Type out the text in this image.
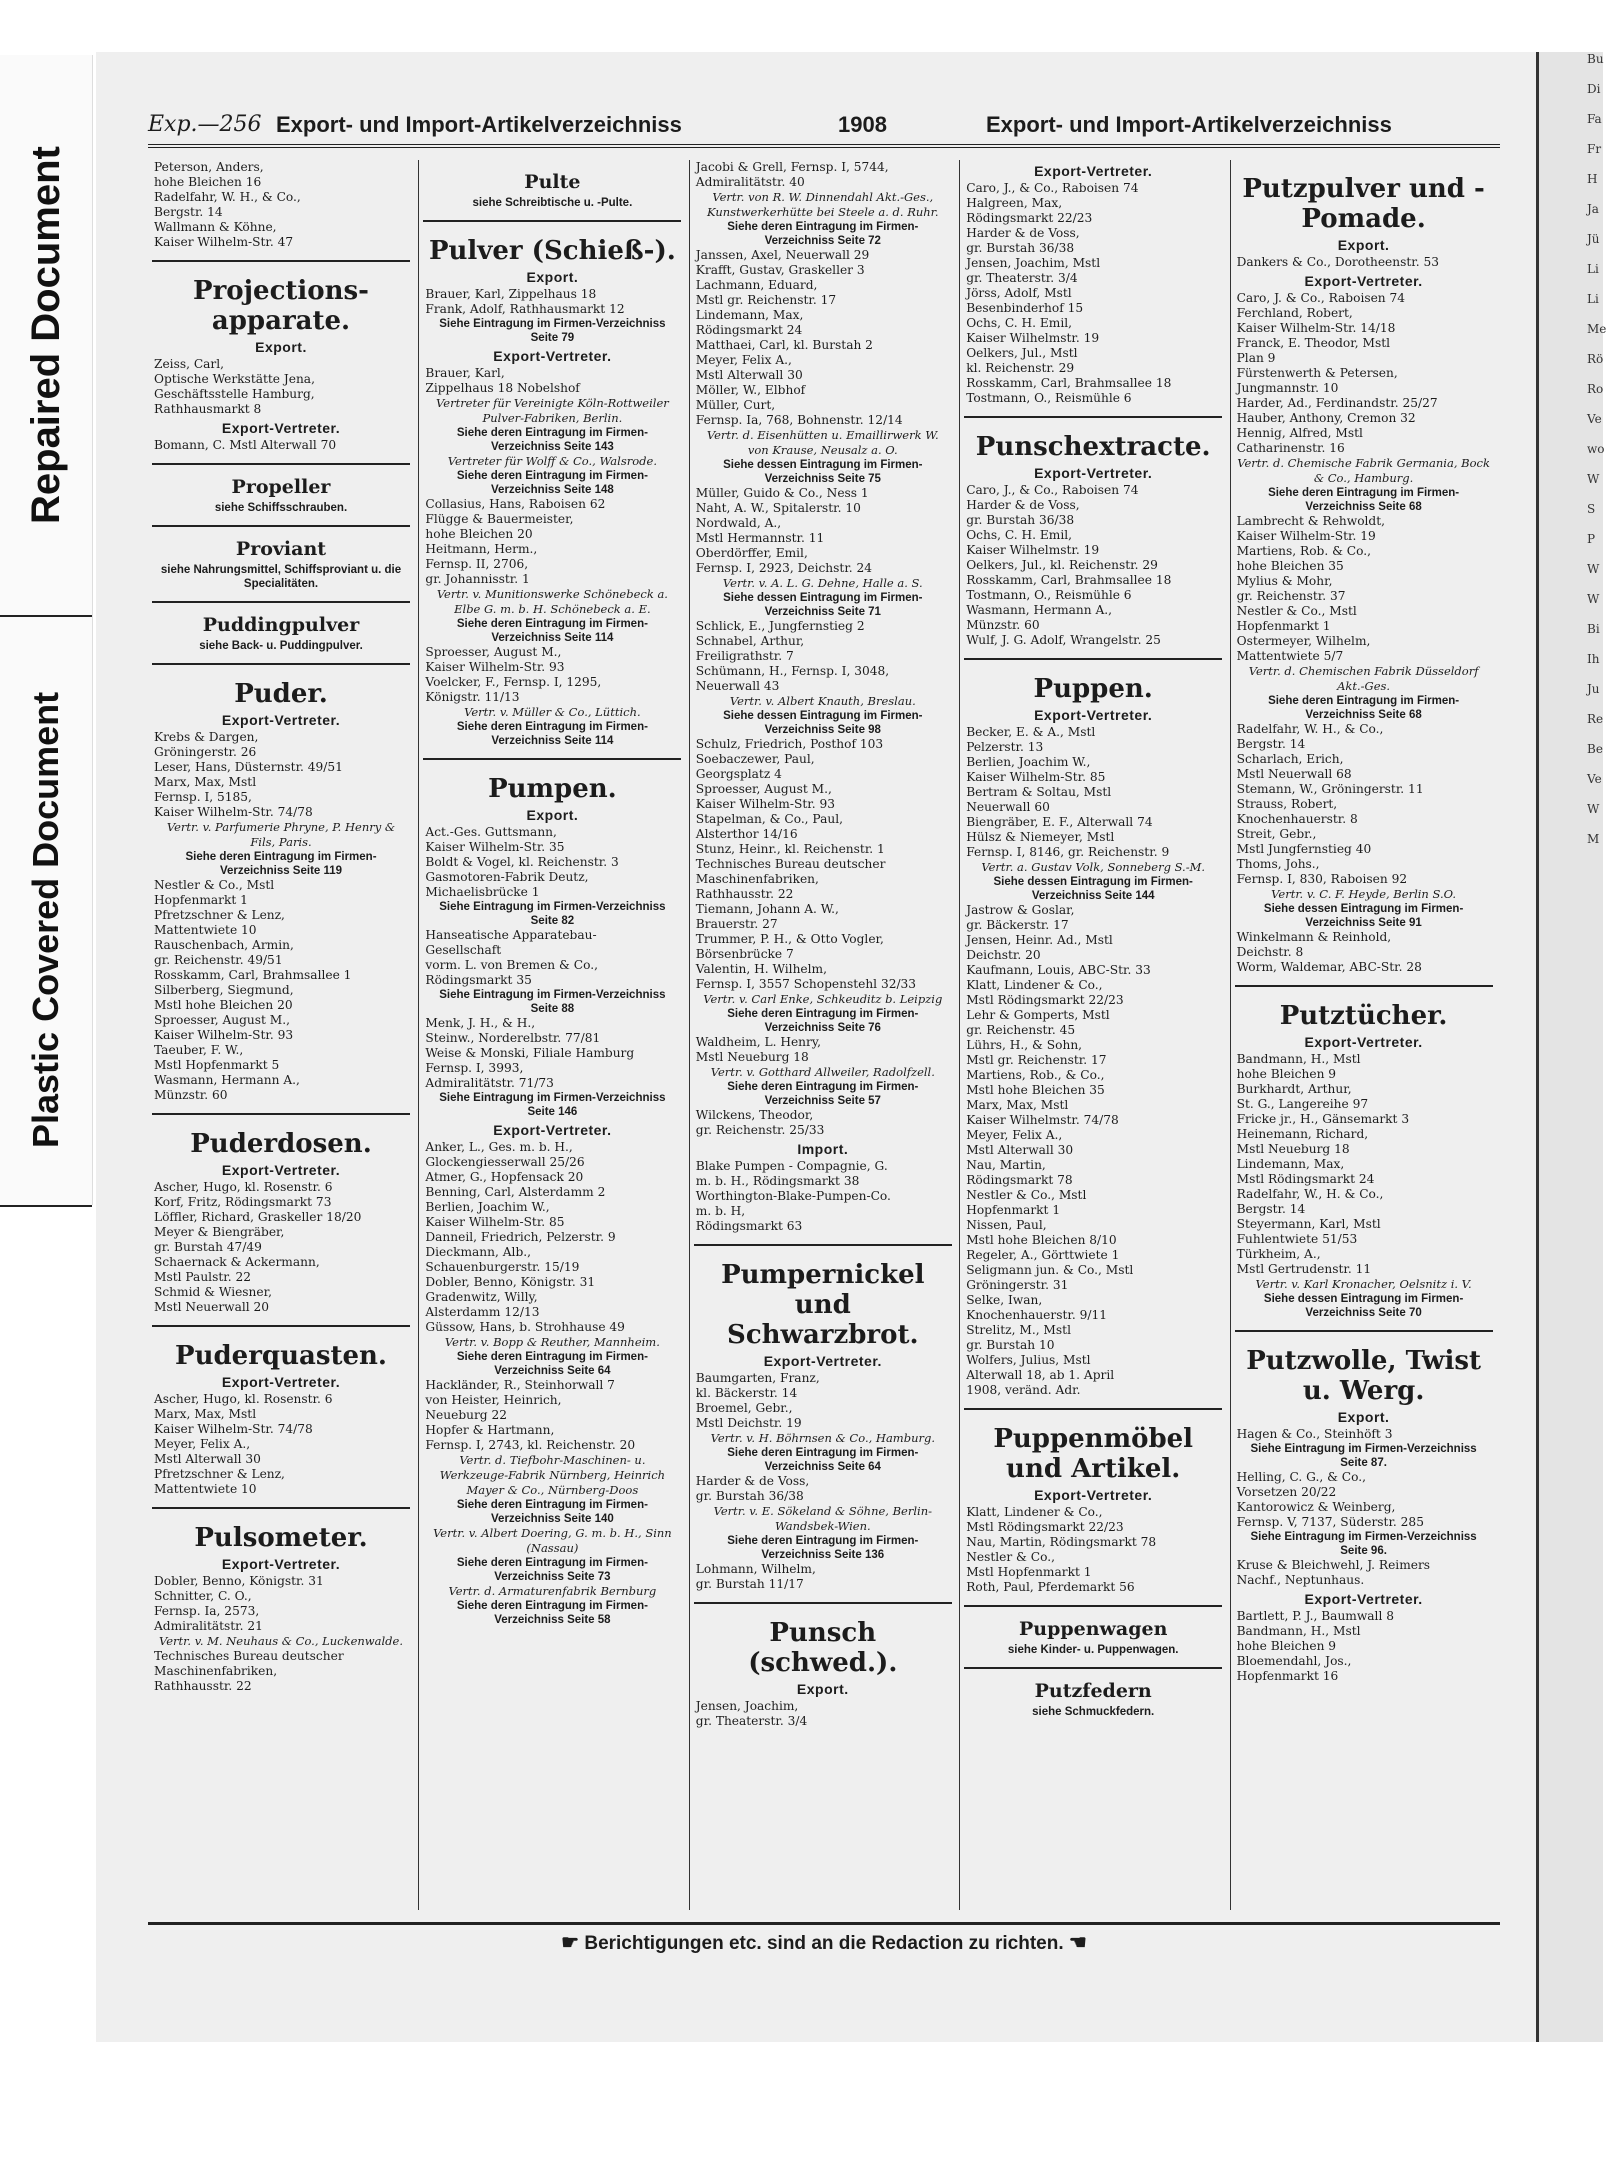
Repaired Document
Plastic Covered Document
Bu
Di
Fa
Fr
H
Ja
Jü
Li
Li
Me
Rö
Ro
Ve
wo
W
S
P
W
W
Bi
Ih
Ju
Re
Be
Ve
W
M
Exp.—256 Export- und Import-Artikelverzeichniss	1908	Export- und Import-Artikelverzeichniss
Peterson, Anders,
hohe Bleichen 16
Radelfahr, W. H., & Co.,
Bergstr. 14
Wallmann & Köhne,
Kaiser Wilhelm-Str. 47
Projections-apparate.
Export.
Zeiss, Carl,
Optische Werkstätte Jena,
Geschäftsstelle Hamburg,
Rathhausmarkt 8
Export-Vertreter.
Bomann, C. Mstl Alterwall 70
Propeller
siehe Schiffsschrauben.
Proviant
siehe Nahrungsmittel, Schiffsproviant u. die Specialitäten.
Puddingpulver
siehe Back- u. Puddingpulver.
Puder.
Export-Vertreter.
Krebs & Dargen,
Gröningerstr. 26
Leser, Hans, Düsternstr. 49/51
Marx, Max, Mstl
Fernsp. I, 5185,
Kaiser Wilhelm-Str. 74/78
Vertr. v. Parfumerie Phryne, P. Henry & Fils, Paris.
Siehe deren Eintragung im Firmen-Verzeichniss Seite 119
Nestler & Co., Mstl
Hopfenmarkt 1
Pfretzschner & Lenz,
Mattentwiete 10
Rauschenbach, Armin,
gr. Reichenstr. 49/51
Rosskamm, Carl, Brahmsallee 1
Silberberg, Siegmund,
Mstl hohe Bleichen 20
Sproesser, August M.,
Kaiser Wilhelm-Str. 93
Taeuber, F. W.,
Mstl Hopfenmarkt 5
Wasmann, Hermann A.,
Münzstr. 60
Puderdosen.
Export-Vertreter.
Ascher, Hugo, kl. Rosenstr. 6
Korf, Fritz, Rödingsmarkt 73
Löffler, Richard, Graskeller 18/20
Meyer & Biengräber,
gr. Burstah 47/49
Schaernack & Ackermann,
Mstl Paulstr. 22
Schmid & Wiesner,
Mstl Neuerwall 20
Puderquasten.
Export-Vertreter.
Ascher, Hugo, kl. Rosenstr. 6
Marx, Max, Mstl
Kaiser Wilhelm-Str. 74/78
Meyer, Felix A.,
Mstl Alterwall 30
Pfretzschner & Lenz,
Mattentwiete 10
Pulsometer.
Export-Vertreter.
Dobler, Benno, Königstr. 31
Schnitter, C. O.,
Fernsp. Ia, 2573,
Admiralitätstr. 21
Vertr. v. M. Neuhaus & Co., Luckenwalde.
Technisches Bureau deutscher
Maschinenfabriken,
Rathhausstr. 22
Pulte
siehe Schreibtische u. -Pulte.
Pulver (Schieß-).
Export.
Brauer, Karl, Zippelhaus 18
Frank, Adolf, Rathhausmarkt 12
Siehe Eintragung im Firmen-Verzeichniss Seite 79
Export-Vertreter.
Brauer, Karl,
Zippelhaus 18 Nobelshof
Vertreter für Vereinigte Köln-Rottweiler Pulver-Fabriken, Berlin.
Siehe deren Eintragung im Firmen-Verzeichniss Seite 143
Vertreter für Wolff & Co., Walsrode.
Siehe deren Eintragung im Firmen-Verzeichniss Seite 148
Collasius, Hans, Raboisen 62
Flügge & Bauermeister,
hohe Bleichen 20
Heitmann, Herm.,
Fernsp. II, 2706,
gr. Johannisstr. 1
Vertr. v. Munitionswerke Schönebeck a. Elbe G. m. b. H. Schönebeck a. E.
Siehe deren Eintragung im Firmen-Verzeichniss Seite 114
Sproesser, August M.,
Kaiser Wilhelm-Str. 93
Voelcker, F., Fernsp. I, 1295,
Königstr. 11/13
Vertr. v. Müller & Co., Lüttich.
Siehe deren Eintragung im Firmen-Verzeichniss Seite 114
Pumpen.
Export.
Act.-Ges. Guttsmann,
Kaiser Wilhelm-Str. 35
Boldt & Vogel, kl. Reichenstr. 3
Gasmotoren-Fabrik Deutz,
Michaelisbrücke 1
Siehe Eintragung im Firmen-Verzeichniss Seite 82
Hanseatische Apparatebau-
Gesellschaft
vorm. L. von Bremen & Co.,
Rödingsmarkt 35
Siehe Eintragung im Firmen-Verzeichniss Seite 88
Menk, J. H., & H.,
Steinw., Norderelbstr. 77/81
Weise & Monski, Filiale Hamburg
Fernsp. I, 3993,
Admiralitätstr. 71/73
Siehe Eintragung im Firmen-Verzeichniss Seite 146
Export-Vertreter.
Anker, L., Ges. m. b. H.,
Glockengiesserwall 25/26
Atmer, G., Hopfensack 20
Benning, Carl, Alsterdamm 2
Berlien, Joachim W.,
Kaiser Wilhelm-Str. 85
Danneil, Friedrich, Pelzerstr. 9
Dieckmann, Alb.,
Schauenburgerstr. 15/19
Dobler, Benno, Königstr. 31
Gradenwitz, Willy,
Alsterdamm 12/13
Güssow, Hans, b. Strohhause 49
Vertr. v. Bopp & Reuther, Mannheim.
Siehe deren Eintragung im Firmen-Verzeichniss Seite 64
Hackländer, R., Steinhorwall 7
von Heister, Heinrich,
Neueburg 22
Hopfer & Hartmann,
Fernsp. I, 2743, kl. Reichenstr. 20
Vertr. d. Tiefbohr-Maschinen- u. Werkzeuge-Fabrik Nürnberg, Heinrich Mayer & Co., Nürnberg-Doos
Siehe deren Eintragung im Firmen-Verzeichniss Seite 140
Vertr. v. Albert Doering, G. m. b. H., Sinn (Nassau)
Siehe deren Eintragung im Firmen-Verzeichniss Seite 73
Vertr. d. Armaturenfabrik Bernburg
Siehe deren Eintragung im Firmen-Verzeichniss Seite 58
Jacobi & Grell, Fernsp. I, 5744,
Admiralitätstr. 40
Vertr. von R. W. Dinnendahl Akt.-Ges., Kunstwerkerhütte bei Steele a. d. Ruhr.
Siehe deren Eintragung im Firmen-Verzeichniss Seite 72
Janssen, Axel, Neuerwall 29
Krafft, Gustav, Graskeller 3
Lachmann, Eduard,
Mstl gr. Reichenstr. 17
Lindemann, Max,
Rödingsmarkt 24
Matthaei, Carl, kl. Burstah 2
Meyer, Felix A.,
Mstl Alterwall 30
Möller, W., Elbhof
Müller, Curt,
Fernsp. Ia, 768, Bohnenstr. 12/14
Vertr. d. Eisenhütten u. Emaillirwerk W. von Krause, Neusalz a. O.
Siehe dessen Eintragung im Firmen-Verzeichniss Seite 75
Müller, Guido & Co., Ness 1
Naht, A. W., Spitalerstr. 10
Nordwald, A.,
Mstl Hermannstr. 11
Oberdörffer, Emil,
Fernsp. I, 2923, Deichstr. 24
Vertr. v. A. L. G. Dehne, Halle a. S.
Siehe dessen Eintragung im Firmen-Verzeichniss Seite 71
Schlick, E., Jungfernstieg 2
Schnabel, Arthur,
Freiligrathstr. 7
Schümann, H., Fernsp. I, 3048,
Neuerwall 43
Vertr. v. Albert Knauth, Breslau.
Siehe dessen Eintragung im Firmen-Verzeichniss Seite 98
Schulz, Friedrich, Posthof 103
Soebaczewer, Paul,
Georgsplatz 4
Sproesser, August M.,
Kaiser Wilhelm-Str. 93
Stapelman, & Co., Paul,
Alsterthor 14/16
Stunz, Heinr., kl. Reichenstr. 1
Technisches Bureau deutscher
Maschinenfabriken,
Rathhausstr. 22
Tiemann, Johann A. W.,
Brauerstr. 27
Trummer, P. H., & Otto Vogler,
Börsenbrücke 7
Valentin, H. Wilhelm,
Fernsp. I, 3557 Schopenstehl 32/33
Vertr. v. Carl Enke, Schkeuditz b. Leipzig
Siehe deren Eintragung im Firmen-Verzeichniss Seite 76
Waldheim, L. Henry,
Mstl Neueburg 18
Vertr. v. Gotthard Allweiler, Radolfzell.
Siehe deren Eintragung im Firmen-Verzeichniss Seite 57
Wilckens, Theodor,
gr. Reichenstr. 25/33
Import.
Blake Pumpen - Compagnie, G.
m. b. H., Rödingsmarkt 38
Worthington-Blake-Pumpen-Co.
m. b. H,
Rödingsmarkt 63
Pumpernickel und Schwarzbrot.
Export-Vertreter.
Baumgarten, Franz,
kl. Bäckerstr. 14
Broemel, Gebr.,
Mstl Deichstr. 19
Vertr. v. H. Böhrnsen & Co., Hamburg.
Siehe deren Eintragung im Firmen-Verzeichniss Seite 64
Harder & de Voss,
gr. Burstah 36/38
Vertr. v. E. Sökeland & Söhne, Berlin-Wandsbek-Wien.
Siehe deren Eintragung im Firmen-Verzeichniss Seite 136
Lohmann, Wilhelm,
gr. Burstah 11/17
Punsch (schwed.).
Export.
Jensen, Joachim,
gr. Theaterstr. 3/4
Export-Vertreter.
Caro, J., & Co., Raboisen 74
Halgreen, Max,
Rödingsmarkt 22/23
Harder & de Voss,
gr. Burstah 36/38
Jensen, Joachim, Mstl
gr. Theaterstr. 3/4
Jörss, Adolf, Mstl
Besenbinderhof 15
Ochs, C. H. Emil,
Kaiser Wilhelmstr. 19
Oelkers, Jul., Mstl
kl. Reichenstr. 29
Rosskamm, Carl, Brahmsallee 18
Tostmann, O., Reismühle 6
Punschextracte.
Export-Vertreter.
Caro, J., & Co., Raboisen 74
Harder & de Voss,
gr. Burstah 36/38
Ochs, C. H. Emil,
Kaiser Wilhelmstr. 19
Oelkers, Jul., kl. Reichenstr. 29
Rosskamm, Carl, Brahmsallee 18
Tostmann, O., Reismühle 6
Wasmann, Hermann A.,
Münzstr. 60
Wulf, J. G. Adolf, Wrangelstr. 25
Puppen.
Export-Vertreter.
Becker, E. & A., Mstl
Pelzerstr. 13
Berlien, Joachim W.,
Kaiser Wilhelm-Str. 85
Bertram & Soltau, Mstl
Neuerwall 60
Biengräber, E. F., Alterwall 74
Hülsz & Niemeyer, Mstl
Fernsp. I, 8146, gr. Reichenstr. 9
Vertr. a. Gustav Volk, Sonneberg S.-M.
Siehe dessen Eintragung im Firmen-Verzeichniss Seite 144
Jastrow & Goslar,
gr. Bäckerstr. 17
Jensen, Heinr. Ad., Mstl
Deichstr. 20
Kaufmann, Louis, ABC-Str. 33
Klatt, Lindener & Co.,
Mstl Rödingsmarkt 22/23
Lehr & Gomperts, Mstl
gr. Reichenstr. 45
Lührs, H., & Sohn,
Mstl gr. Reichenstr. 17
Martiens, Rob., & Co.,
Mstl hohe Bleichen 35
Marx, Max, Mstl
Kaiser Wilhelmstr. 74/78
Meyer, Felix A.,
Mstl Alterwall 30
Nau, Martin,
Rödingsmarkt 78
Nestler & Co., Mstl
Hopfenmarkt 1
Nissen, Paul,
Mstl hohe Bleichen 8/10
Regeler, A., Görttwiete 1
Seligmann jun. & Co., Mstl
Gröningerstr. 31
Selke, Iwan,
Knochenhauerstr. 9/11
Strelitz, M., Mstl
gr. Burstah 10
Wolfers, Julius, Mstl
Alterwall 18, ab 1. April
1908, veränd. Adr.
Puppenmöbel und Artikel.
Export-Vertreter.
Klatt, Lindener & Co.,
Mstl Rödingsmarkt 22/23
Nau, Martin, Rödingsmarkt 78
Nestler & Co.,
Mstl Hopfenmarkt 1
Roth, Paul, Pferdemarkt 56
Puppenwagen
siehe Kinder- u. Puppenwagen.
Putzfedern
siehe Schmuckfedern.
Putzpulver und -Pomade.
Export.
Dankers & Co., Dorotheenstr. 53
Export-Vertreter.
Caro, J. & Co., Raboisen 74
Ferchland, Robert,
Kaiser Wilhelm-Str. 14/18
Franck, E. Theodor, Mstl
Plan 9
Fürstenwerth & Petersen,
Jungmannstr. 10
Harder, Ad., Ferdinandstr. 25/27
Hauber, Anthony, Cremon 32
Hennig, Alfred, Mstl
Catharinenstr. 16
Vertr. d. Chemische Fabrik Germania, Bock & Co., Hamburg.
Siehe deren Eintragung im Firmen-Verzeichniss Seite 68
Lambrecht & Rehwoldt,
Kaiser Wilhelm-Str. 19
Martiens, Rob. & Co.,
hohe Bleichen 35
Mylius & Mohr,
gr. Reichenstr. 37
Nestler & Co., Mstl
Hopfenmarkt 1
Ostermeyer, Wilhelm,
Mattentwiete 5/7
Vertr. d. Chemischen Fabrik Düsseldorf Akt.-Ges.
Siehe deren Eintragung im Firmen-Verzeichniss Seite 68
Radelfahr, W. H., & Co.,
Bergstr. 14
Scharlach, Erich,
Mstl Neuerwall 68
Stemann, W., Gröningerstr. 11
Strauss, Robert,
Knochenhauerstr. 8
Streit, Gebr.,
Mstl Jungfernstieg 40
Thoms, Johs.,
Fernsp. I, 830, Raboisen 92
Vertr. v. C. F. Heyde, Berlin S.O.
Siehe dessen Eintragung im Firmen-Verzeichniss Seite 91
Winkelmann & Reinhold,
Deichstr. 8
Worm, Waldemar, ABC-Str. 28
Putztücher.
Export-Vertreter.
Bandmann, H., Mstl
hohe Bleichen 9
Burkhardt, Arthur,
St. G., Langereihe 97
Fricke jr., H., Gänsemarkt 3
Heinemann, Richard,
Mstl Neueburg 18
Lindemann, Max,
Mstl Rödingsmarkt 24
Radelfahr, W., H. & Co.,
Bergstr. 14
Steyermann, Karl, Mstl
Fuhlentwiete 51/53
Türkheim, A.,
Mstl Gertrudenstr. 11
Vertr. v. Karl Kronacher, Oelsnitz i. V.
Siehe dessen Eintragung im Firmen-Verzeichniss Seite 70
Putzwolle, Twist u. Werg.
Export.
Hagen & Co., Steinhöft 3
Siehe Eintragung im Firmen-Verzeichniss Seite 87.
Helling, C. G., & Co.,
Vorsetzen 20/22
Kantorowicz & Weinberg,
Fernsp. V, 7137, Süderstr. 285
Siehe Eintragung im Firmen-Verzeichniss Seite 96.
Kruse & Bleichwehl, J. Reimers
Nachf., Neptunhaus.
Export-Vertreter.
Bartlett, P. J., Baumwall 8
Bandmann, H., Mstl
hohe Bleichen 9
Bloemendahl, Jos.,
Hopfenmarkt 16
☛ Berichtigungen etc. sind an die Redaction zu richten. ☚
